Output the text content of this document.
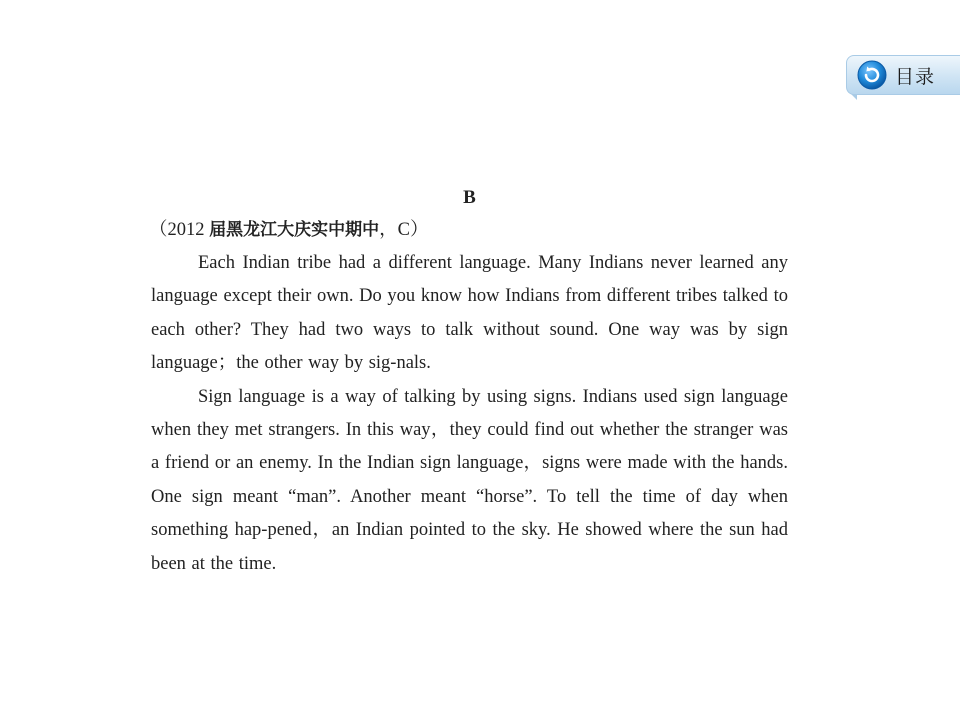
目录
B
（2012 届黑龙江大庆实中期中，C）

Each Indian tribe had a different language. Many Indians never learned any language except their own. Do you know how Indians from different tribes talked to each other? They had two ways to talk without sound. One way was by sign language；the other way by sig-nals.

Sign language is a way of talking by using signs. Indians used sign language when they met strangers. In this way，they could find out whether the stranger was a friend or an enemy. In the Indian sign language，signs were made with the hands. One sign meant “man”. Another meant “horse”. To tell the time of day when something hap-pened，an Indian pointed to the sky. He showed where the sun had been at the time.
